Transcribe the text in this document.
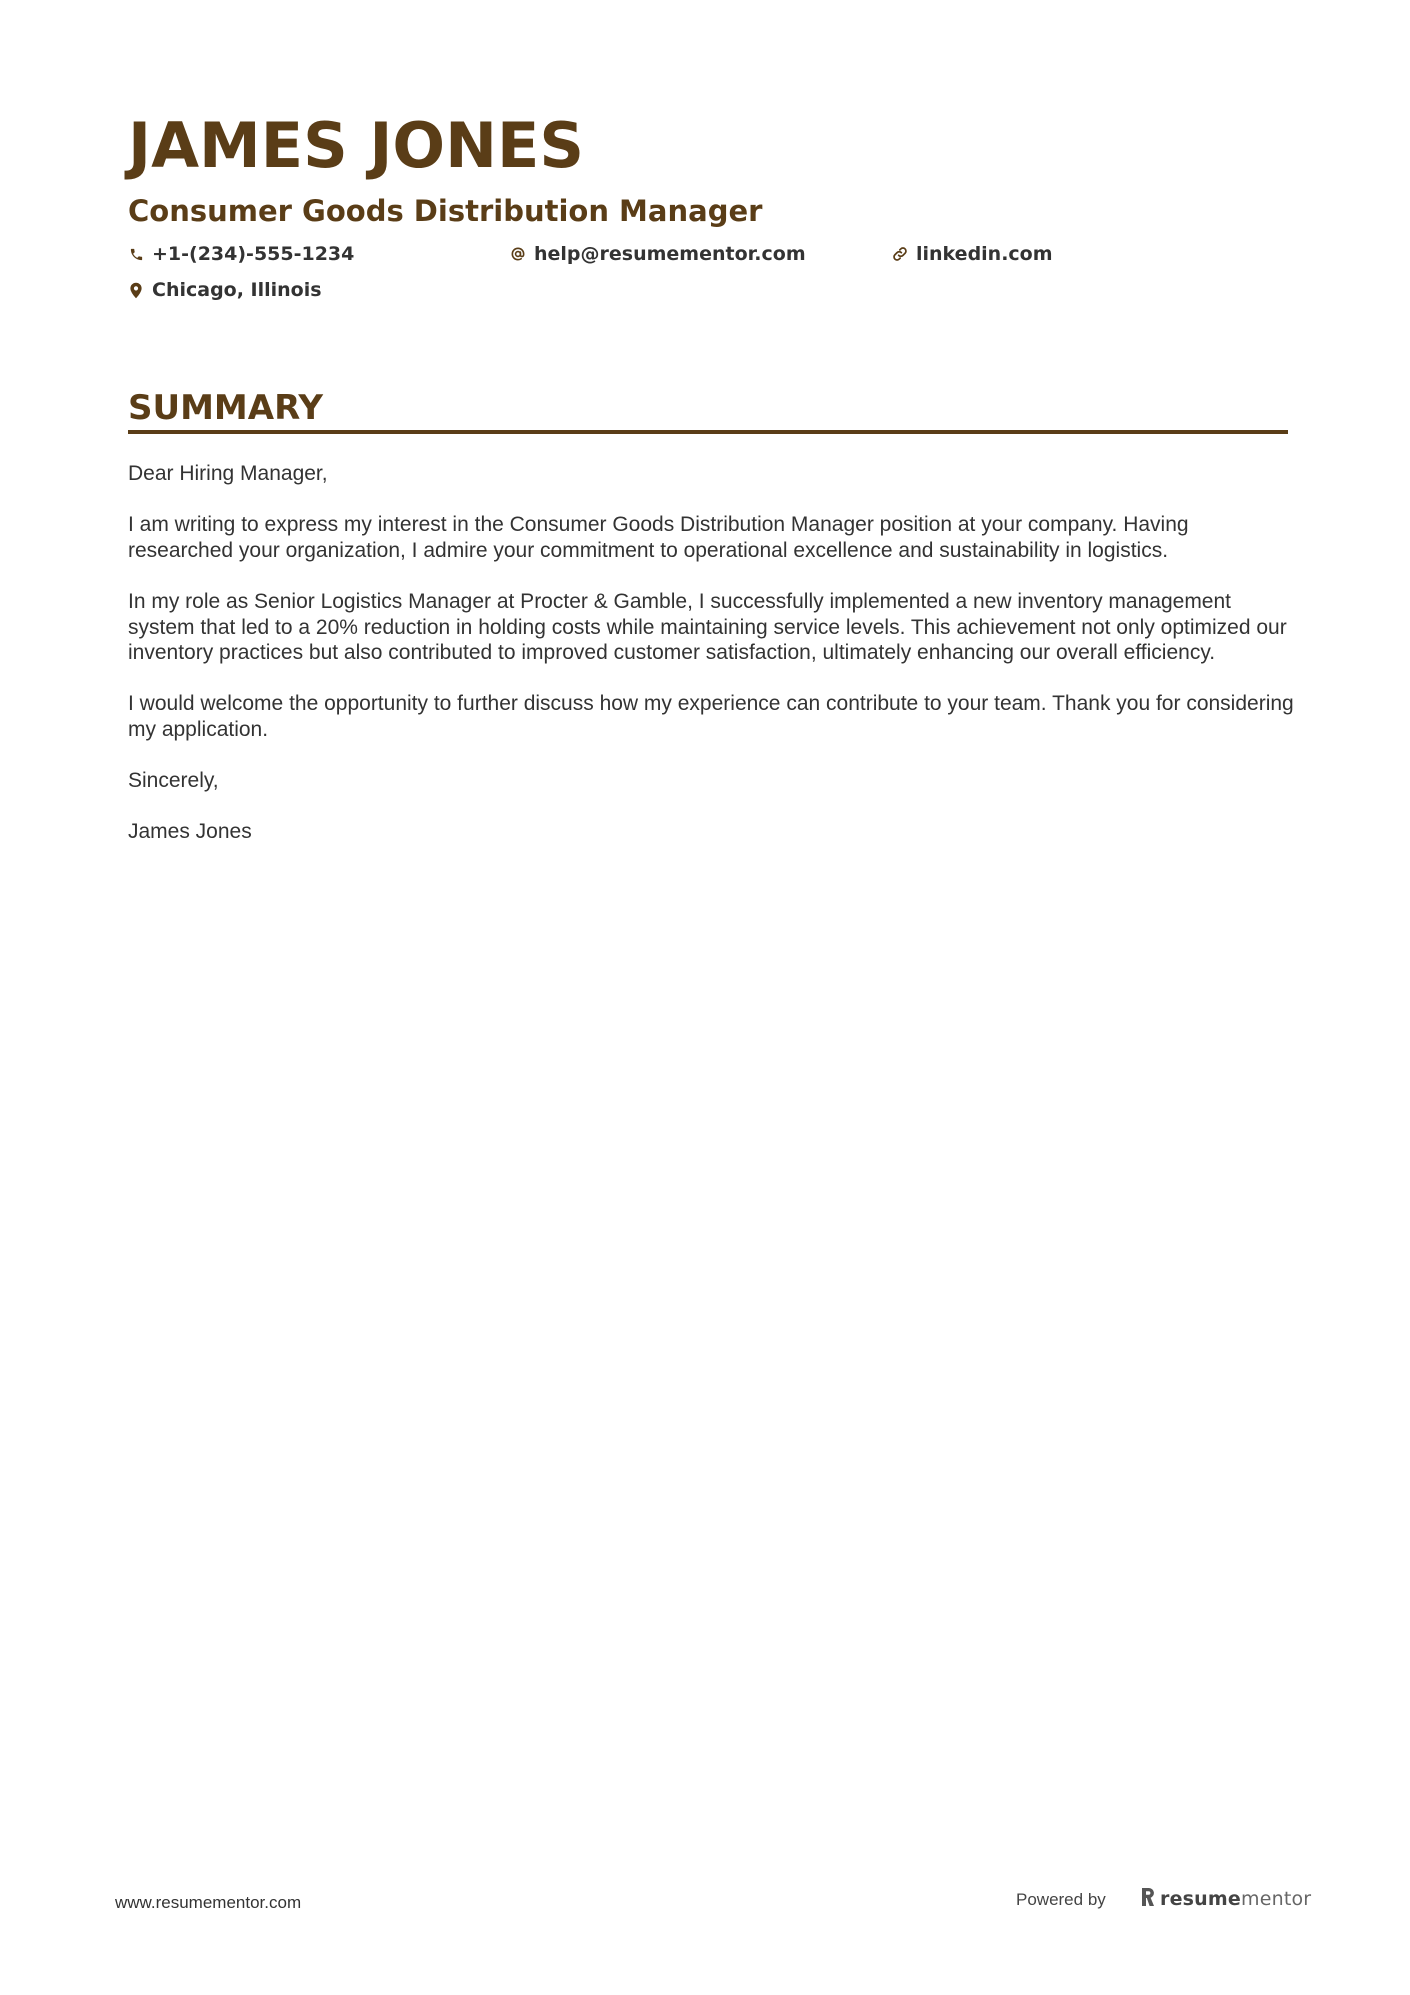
JAMES JONES
Consumer Goods Distribution Manager
+1-(234)-555-1234	help@resumementor.com	linkedin.com
Chicago, Illinois
SUMMARY

Dear Hiring Manager,

I am writing to express my interest in the Consumer Goods Distribution Manager position at your company. Having researched your organization, I admire your commitment to operational excellence and sustainability in logistics.

In my role as Senior Logistics Manager at Procter & Gamble, I successfully implemented a new inventory management system that led to a 20% reduction in holding costs while maintaining service levels. This achievement not only optimized our inventory practices but also contributed to improved customer satisfaction, ultimately enhancing our overall efficiency.

I would welcome the opportunity to further discuss how my experience can contribute to your team. Thank you for considering my application.

Sincerely,

James Jones

www.resumementor.com	Powered by	resumementor
